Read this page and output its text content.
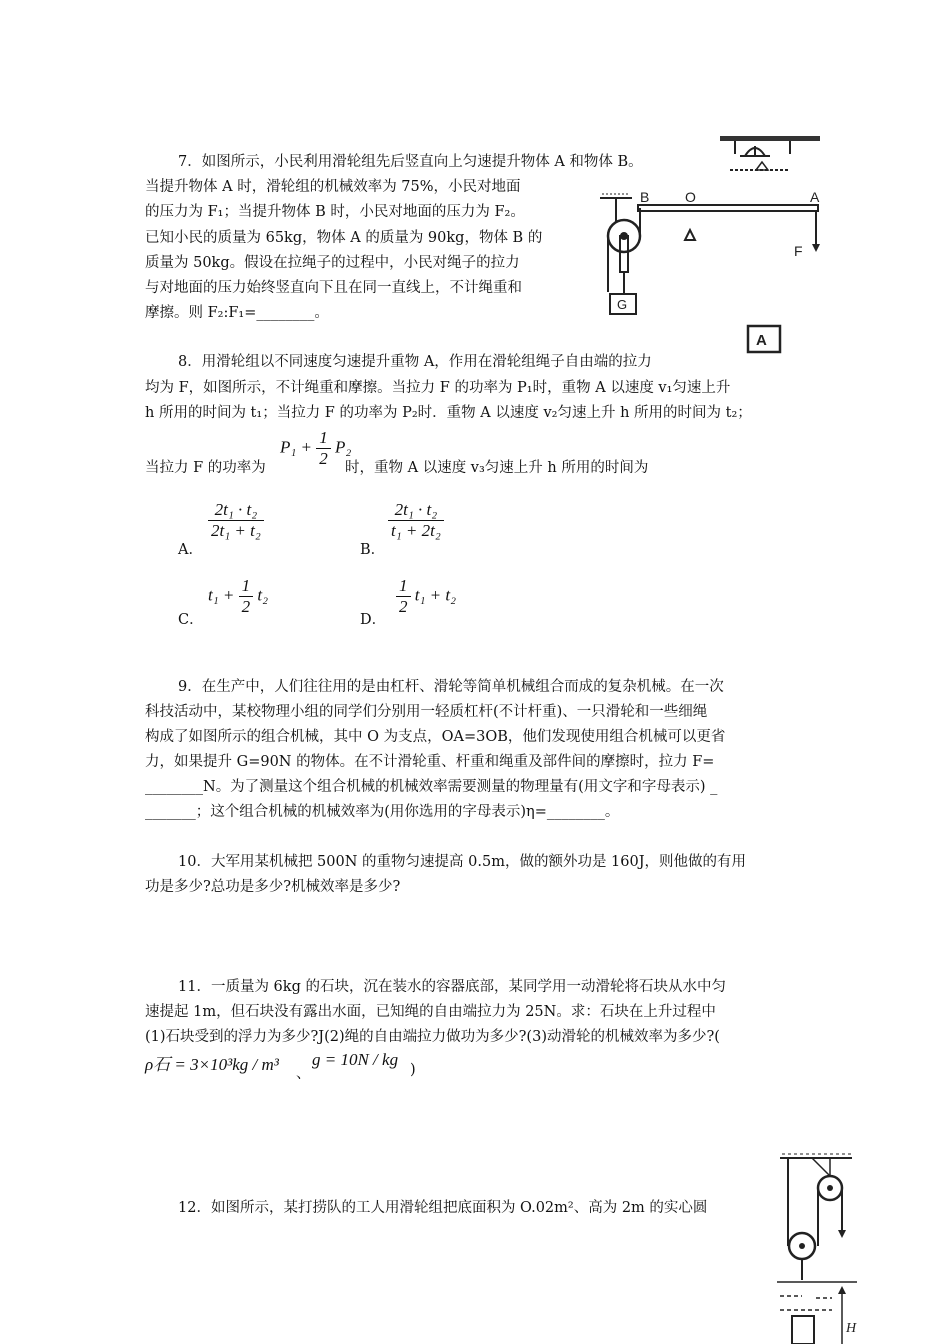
7．如图所示，小民利用滑轮组先后竖直向上匀速提升物体 A 和物体 B。
当提升物体 A 时，滑轮组的机械效率为 75%，小民对地面
的压力为 F₁；当提升物体 B 时，小民对地面的压力为 F₂。
已知小民的质量为 65kg，物体 A 的质量为 90kg，物体 B 的
质量为 50kg。假设在拉绳子的过程中，小民对绳子的拉力
与对地面的压力始终竖直向下且在同一直线上，不计绳重和
摩擦。则 F₂:F₁=________。
G
B	O	A
F
A
8．用滑轮组以不同速度匀速提升重物 A，作用在滑轮组绳子自由端的拉力
均为 F，如图所示，不计绳重和摩擦。当拉力 F 的功率为 P₁时，重物 A 以速度 v₁匀速上升
h 所用的时间为 t₁；当拉力 F 的功率为 P₂时．重物 A 以速度 v₂匀速上升 h 所用的时间为 t₂；
当拉力 F 的功率为
$P_1 + \frac{1}{2} P_2$
时，重物 A 以速度 v₃匀速上升 h 所用的时间为
A．
$\frac{\text{2t₁ · t₂}}{\text{2t₁ + t₂}}$
B．
$\frac{\text{2t₁ · t₂}}{\text{t₁ + 2t₂}}$
C．
$t_1 + \frac{1}{2} t_2$
D．
$\frac{1}{2} t_1 + t_2$
9．在生产中，人们往往用的是由杠杆、滑轮等简单机械组合而成的复杂机械。在一次
科技活动中，某校物理小组的同学们分别用一轻质杠杆(不计杆重)、一只滑轮和一些细绳
构成了如图所示的组合机械，其中 O 为支点，OA=3OB，他们发现使用组合机械可以更省
力，如果提升 G=90N 的物体。在不计滑轮重、杆重和绳重及部件间的摩擦时，拉力 F=
________N。为了测量这个组合机械的机械效率需要测量的物理量有(用文字和字母表示) _
_______；这个组合机械的机械效率为(用你选用的字母表示)η=________。
10．大军用某机械把 500N 的重物匀速提高 0.5m，做的额外功是 160J，则他做的有用
功是多少?总功是多少?机械效率是多少?
11．一质量为 6kg 的石块，沉在装水的容器底部，某同学用一动滑轮将石块从水中匀
速提起 1m，但石块没有露出水面，已知绳的自由端拉力为 25N。求：石块在上升过程中
(1)石块受到的浮力为多少?J(2)绳的自由端拉力做功为多少?(3)动滑轮的机械效率为多少?(
ρ石 = 3×10³kg / m³ 、
g = 10N / kg
)
12．如图所示，某打捞队的工人用滑轮组把底面积为 O.02m²、高为 2m 的实心圆
H
